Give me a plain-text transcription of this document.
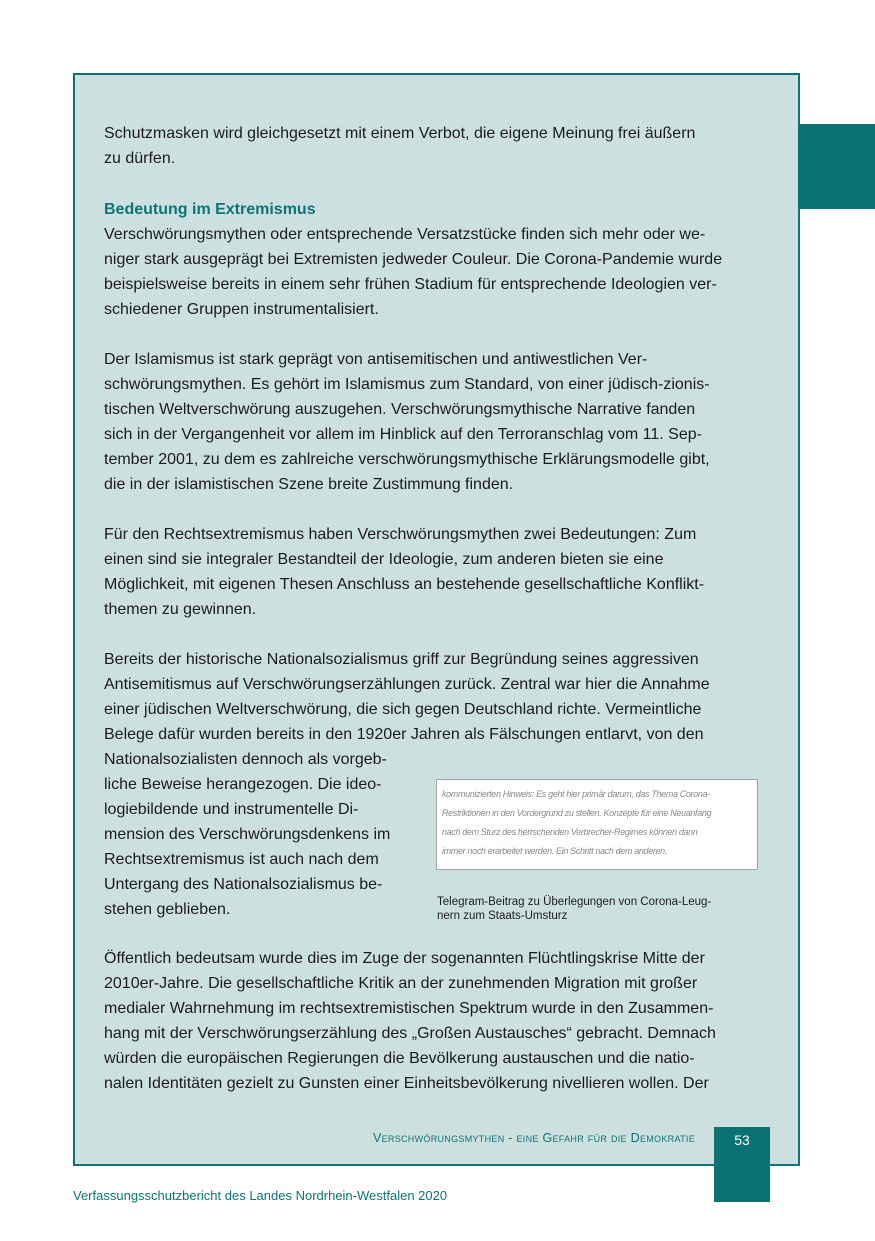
Schutzmasken wird gleichgesetzt mit einem Verbot, die eigene Meinung frei äußern
zu dürfen.
Bedeutung im Extremismus
Verschwörungsmythen oder entsprechende Versatzstücke finden sich mehr oder we-
niger stark ausgeprägt bei Extremisten jedweder Couleur. Die Corona-Pandemie wurde
beispielsweise bereits in einem sehr frühen Stadium für entsprechende Ideologien ver-
schiedener Gruppen instrumentalisiert.
Der Islamismus ist stark geprägt von antisemitischen und antiwestlichen Ver-
schwörungsmythen. Es gehört im Islamismus zum Standard, von einer jüdisch-zionis-
tischen Weltverschwörung auszugehen. Verschwörungsmythische Narrative fanden
sich in der Vergangenheit vor allem im Hinblick auf den Terroranschlag vom 11. Sep-
tember 2001, zu dem es zahlreiche verschwörungsmythische Erklärungsmodelle gibt,
die in der islamistischen Szene breite Zustimmung finden.
Für den Rechtsextremismus haben Verschwörungsmythen zwei Bedeutungen: Zum
einen sind sie integraler Bestandteil der Ideologie, zum anderen bieten sie eine
Möglichkeit, mit eigenen Thesen Anschluss an bestehende gesellschaftliche Konflikt-
themen zu gewinnen.
Bereits der historische Nationalsozialismus griff zur Begründung seines aggressiven
Antisemitismus auf Verschwörungserzählungen zurück. Zentral war hier die Annahme
einer jüdischen Weltverschwörung, die sich gegen Deutschland richte. Vermeintliche
Belege dafür wurden bereits in den 1920er Jahren als Fälschungen entlarvt, von den
Nationalsozialisten dennoch als vorgeb-
liche Beweise herangezogen. Die ideo-
logiebildende und instrumentelle Di-
mension des Verschwörungsdenkens im
Rechtsextremismus ist auch nach dem
Untergang des Nationalsozialismus be-
stehen geblieben.
kommunizierten Hinweis: Es geht hier primär darum, das Thema Corona-
Restriktionen in den Vordergrund zu stellen. Konzepte für eine Neuanfang
nach dem Sturz des herrschenden Verbrecher-Regimes können dann
immer noch erarbeitet werden. Ein Schritt nach dem anderen.
Telegram-Beitrag zu Überlegungen von Corona-Leug-
nern zum Staats-Umsturz
Öffentlich bedeutsam wurde dies im Zuge der sogenannten Flüchtlingskrise Mitte der
2010er-Jahre. Die gesellschaftliche Kritik an der zunehmenden Migration mit großer
medialer Wahrnehmung im rechtsextremistischen Spektrum wurde in den Zusammen-
hang mit der Verschwörungserzählung des „Großen Austausches“ gebracht. Demnach
würden die europäischen Regierungen die Bevölkerung austauschen und die natio-
nalen Identitäten gezielt zu Gunsten einer Einheitsbevölkerung nivellieren wollen. Der
Verschwörungsmythen - eine Gefahr für die Demokratie	53
Verfassungsschutzbericht des Landes Nordrhein-Westfalen 2020
